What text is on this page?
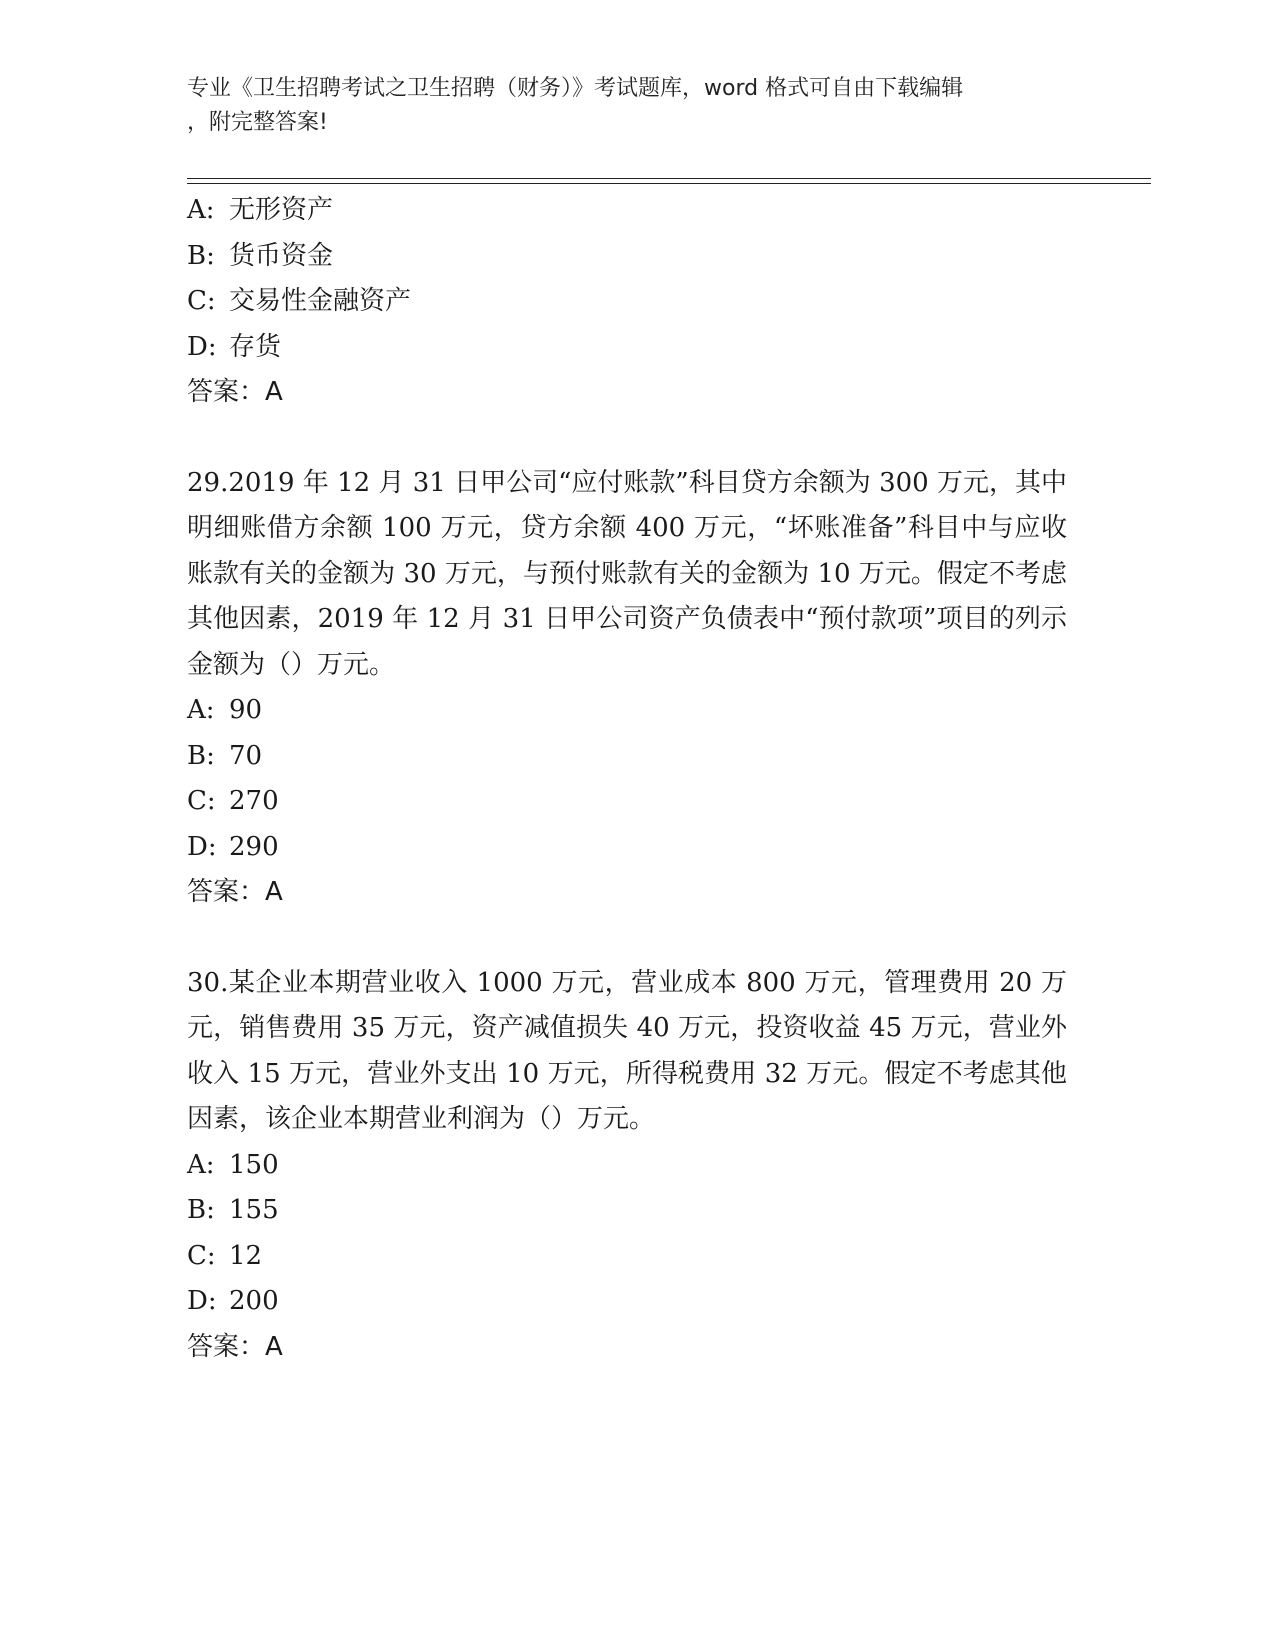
专业《卫生招聘考试之卫生招聘（财务）》考试题库，word 格式可自由下载编辑
，附完整答案!
A: 无形资产
B: 货币资金
C: 交易性金融资产
D: 存货
答案：A
29.2019 年 12 月 31 日甲公司“应付账款”科目贷方余额为 300 万元，其中明细账借方余额 100 万元，贷方余额 400 万元，“坏账准备”科目中与应收账款有关的金额为 30 万元，与预付账款有关的金额为 10 万元。假定不考虑其他因素，2019 年 12 月 31 日甲公司资产负债表中“预付款项”项目的列示金额为（）万元。
A: 90
B: 70
C: 270
D: 290
答案：A
30.某企业本期营业收入 1000 万元，营业成本 800 万元，管理费用 20 万元，销售费用 35 万元，资产减值损失 40 万元，投资收益 45 万元，营业外收入 15 万元，营业外支出 10 万元，所得税费用 32 万元。假定不考虑其他因素，该企业本期营业利润为（）万元。
A: 150
B: 155
C: 12
D: 200
答案：A
